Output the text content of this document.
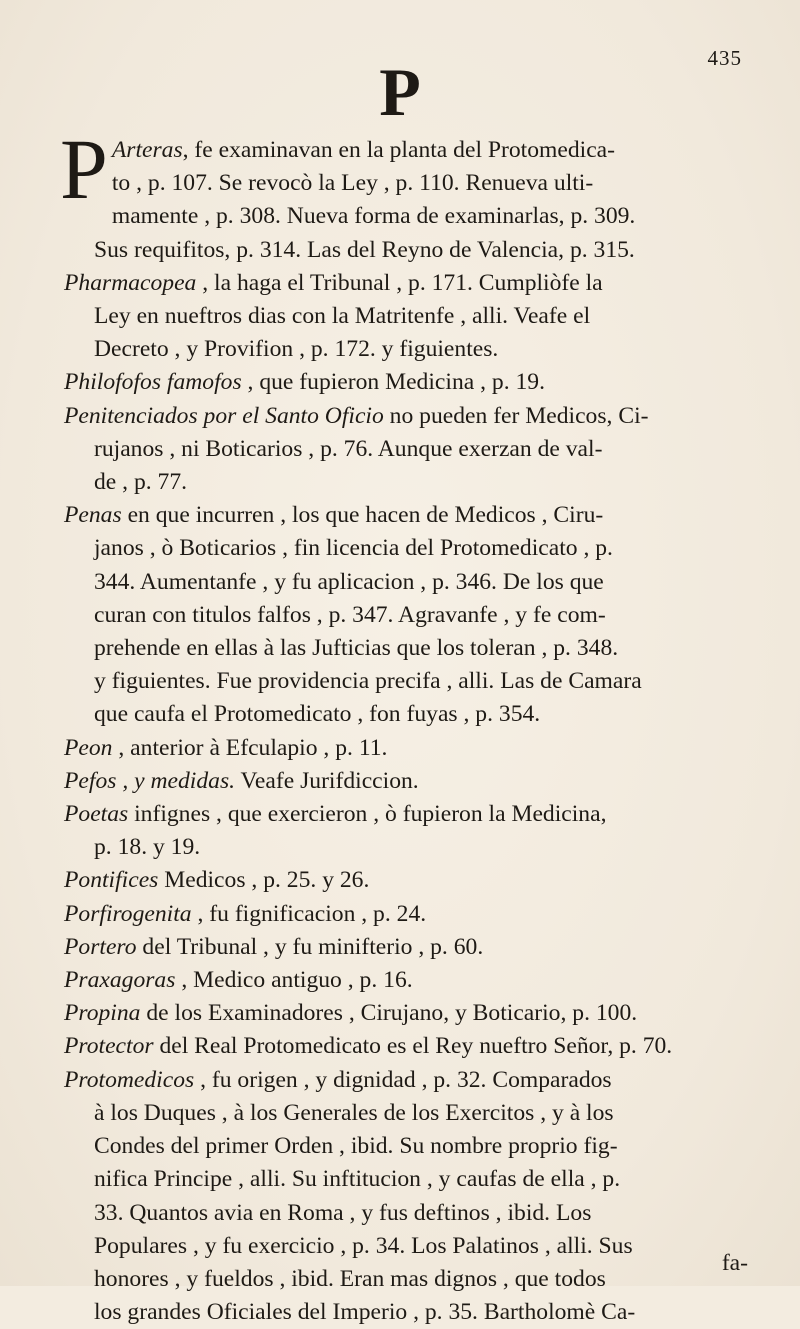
435
P
P Arteras, fe examinavan en la planta del Protomedica-
to , p. 107. Se revocò la Ley , p. 110. Renueva ulti-
mamente , p. 308. Nueva forma de examinarlas, p. 309.
Sus requifitos, p. 314. Las del Reyno de Valencia, p. 315.
Pharmacopea , la haga el Tribunal , p. 171. Cumpliòfe la
Ley en nueftros dias con la Matritenfe , alli. Veafe el
Decreto , y Provifion , p. 172. y figuientes.
Philofofos famofos , que fupieron Medicina , p. 19.
Penitenciados por el Santo Oficio no pueden fer Medicos, Ci-
rujanos , ni Boticarios , p. 76. Aunque exerzan de val-
de , p. 77.
Penas en que incurren , los que hacen de Medicos , Ciru-
janos , ò Boticarios , fin licencia del Protomedicato , p.
344. Aumentanfe , y fu aplicacion , p. 346. De los que
curan con titulos falfos , p. 347. Agravanfe , y fe com-
prehende en ellas à las Jufticias que los toleran , p. 348.
y figuientes. Fue providencia precifa , alli. Las de Camara
que caufa el Protomedicato , fon fuyas , p. 354.
Peon , anterior à Efculapio , p. 11.
Pefos , y medidas. Veafe Jurifdiccion.
Poetas infignes , que exercieron , ò fupieron la Medicina,
p. 18. y 19.
Pontifices Medicos , p. 25. y 26.
Porfirogenita , fu fignificacion , p. 24.
Portero del Tribunal , y fu minifterio , p. 60.
Praxagoras , Medico antiguo , p. 16.
Propina de los Examinadores , Cirujano, y Boticario, p. 100.
Protector del Real Protomedicato es el Rey nueftro Señor, p. 70.
Protomedicos , fu origen , y dignidad , p. 32. Comparados
à los Duques , à los Generales de los Exercitos , y à los
Condes del primer Orden , ibid. Su nombre proprio fig-
nifica Principe , alli. Su inftitucion , y caufas de ella , p.
33. Quantos avia en Roma , y fus deftinos , ibid. Los
Populares , y fu exercicio , p. 34. Los Palatinos , alli. Sus
honores , y fueldos , ibid. Eran mas dignos , que todos
los grandes Oficiales del Imperio , p. 35. Bartholomè Ca-
fa-
